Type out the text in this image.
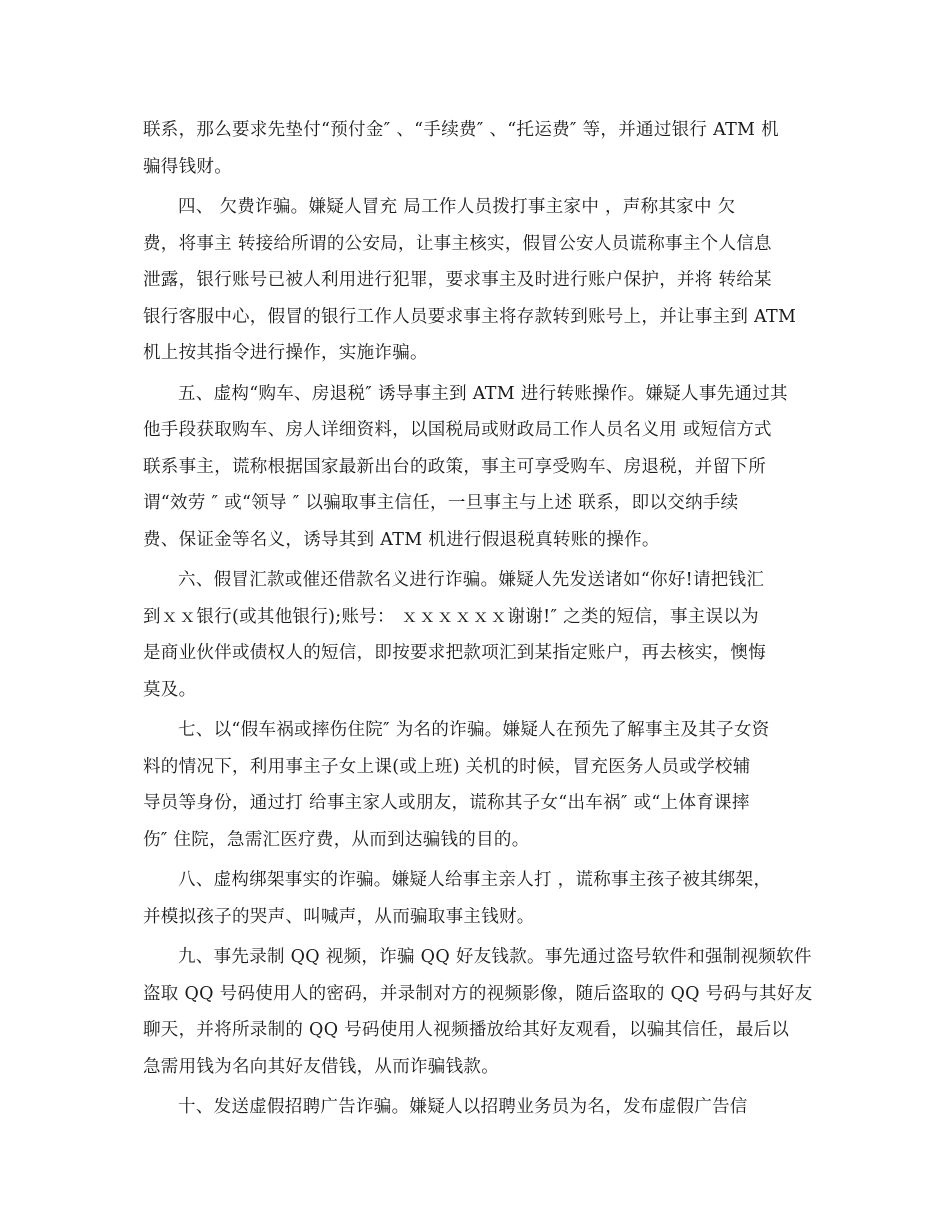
联系，那么要求先垫付“预付金″ 、“手续费″ 、“托运费″ 等，并通过银行 ATM 机
骗得钱财。
四、 欠费诈骗。嫌疑人冒充 局工作人员拨打事主家中 ，声称其家中 欠
费，将事主 转接给所谓的公安局，让事主核实，假冒公安人员谎称事主个人信息
泄露，银行账号已被人利用进行犯罪，要求事主及时进行账户保护，并将 转给某
银行客服中心，假冒的银行工作人员要求事主将存款转到账号上，并让事主到 ATM
机上按其指令进行操作，实施诈骗。
五、虚构“购车、房退税″ 诱导事主到 ATM 进行转账操作。嫌疑人事先通过其
他手段获取购车、房人详细资料，以国税局或财政局工作人员名义用 或短信方式
联系事主，谎称根据国家最新出台的政策，事主可享受购车、房退税，并留下所
谓“效劳 ″ 或“领导 ″ 以骗取事主信任，一旦事主与上述 联系，即以交纳手续
费、保证金等名义，诱导其到 ATM 机进行假退税真转账的操作。
六、假冒汇款或催还借款名义进行诈骗。嫌疑人先发送诸如“你好!请把钱汇
到ｘｘ银行(或其他银行);账号： ｘｘｘｘｘｘ谢谢!″ 之类的短信，事主误以为
是商业伙伴或债权人的短信，即按要求把款项汇到某指定账户，再去核实，懊悔
莫及。
七、以“假车祸或摔伤住院″ 为名的诈骗。嫌疑人在预先了解事主及其子女资
料的情况下，利用事主子女上课(或上班) 关机的时候，冒充医务人员或学校辅
导员等身份，通过打 给事主家人或朋友，谎称其子女“出车祸″ 或“上体育课摔
伤″ 住院，急需汇医疗费，从而到达骗钱的目的。
八、虚构绑架事实的诈骗。嫌疑人给事主亲人打 ，谎称事主孩子被其绑架，
并模拟孩子的哭声、叫喊声，从而骗取事主钱财。
九、事先录制 QQ 视频，诈骗 QQ 好友钱款。事先通过盗号软件和强制视频软件
盗取 QQ 号码使用人的密码，并录制对方的视频影像，随后盗取的 QQ 号码与其好友
聊天，并将所录制的 QQ 号码使用人视频播放给其好友观看，以骗其信任，最后以
急需用钱为名向其好友借钱，从而诈骗钱款。
十、发送虚假招聘广告诈骗。嫌疑人以招聘业务员为名，发布虚假广告信
